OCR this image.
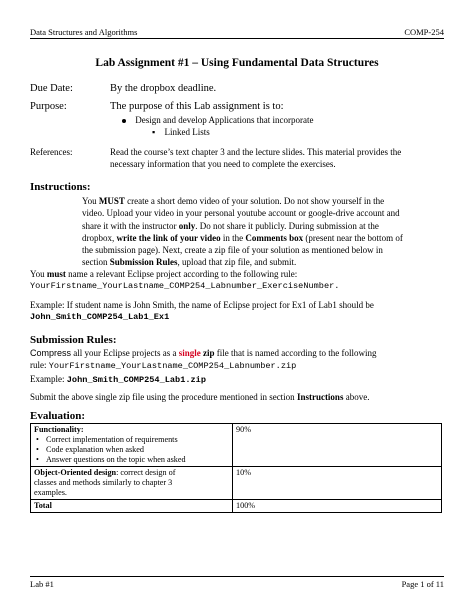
Data Structures and Algorithms	COMP-254
Lab Assignment #1 – Using Fundamental Data Structures
Due Date:	By the dropbox deadline.
Purpose:	The purpose of this Lab assignment is to:
Design and develop Applications that incorporate
▪ Linked Lists
References:	Read the course’s text chapter 3 and the lecture slides. This material provides the
necessary information that you need to complete the exercises.
Instructions:
You MUST create a short demo video of your solution. Do not show yourself in the
video. Upload your video in your personal youtube account or google-drive account and
share it with the instructor only. Do not share it publicly. During submission at the
dropbox, write the link of your video in the Comments box (present near the bottom of
the submission page). Next, create a zip file of your solution as mentioned below in
section Submission Rules, upload that zip file, and submit.
You must name a relevant Eclipse project according to the following rule:
YourFirstname_YourLastname_COMP254_Labnumber_ExerciseNumber.
Example: If student name is John Smith, the name of Eclipse project for Ex1 of Lab1 should be
John_Smith_COMP254_Lab1_Ex1
Submission Rules:
Compress all your Eclipse projects as a single zip file that is named according to the following
rule: YourFirstname_YourLastname_COMP254_Labnumber.zip
Example: John_Smith_COMP254_Lab1.zip
Submit the above single zip file using the procedure mentioned in section Instructions above.
Evaluation:
Functionality:
• Correct implementation of requirements
• Code explanation when asked
• Answer questions on the topic when asked	90%
Object-Oriented design: correct design of
classes and methods similarly to chapter 3
examples.	10%
Total	100%
Lab #1	Page 1 of 11
